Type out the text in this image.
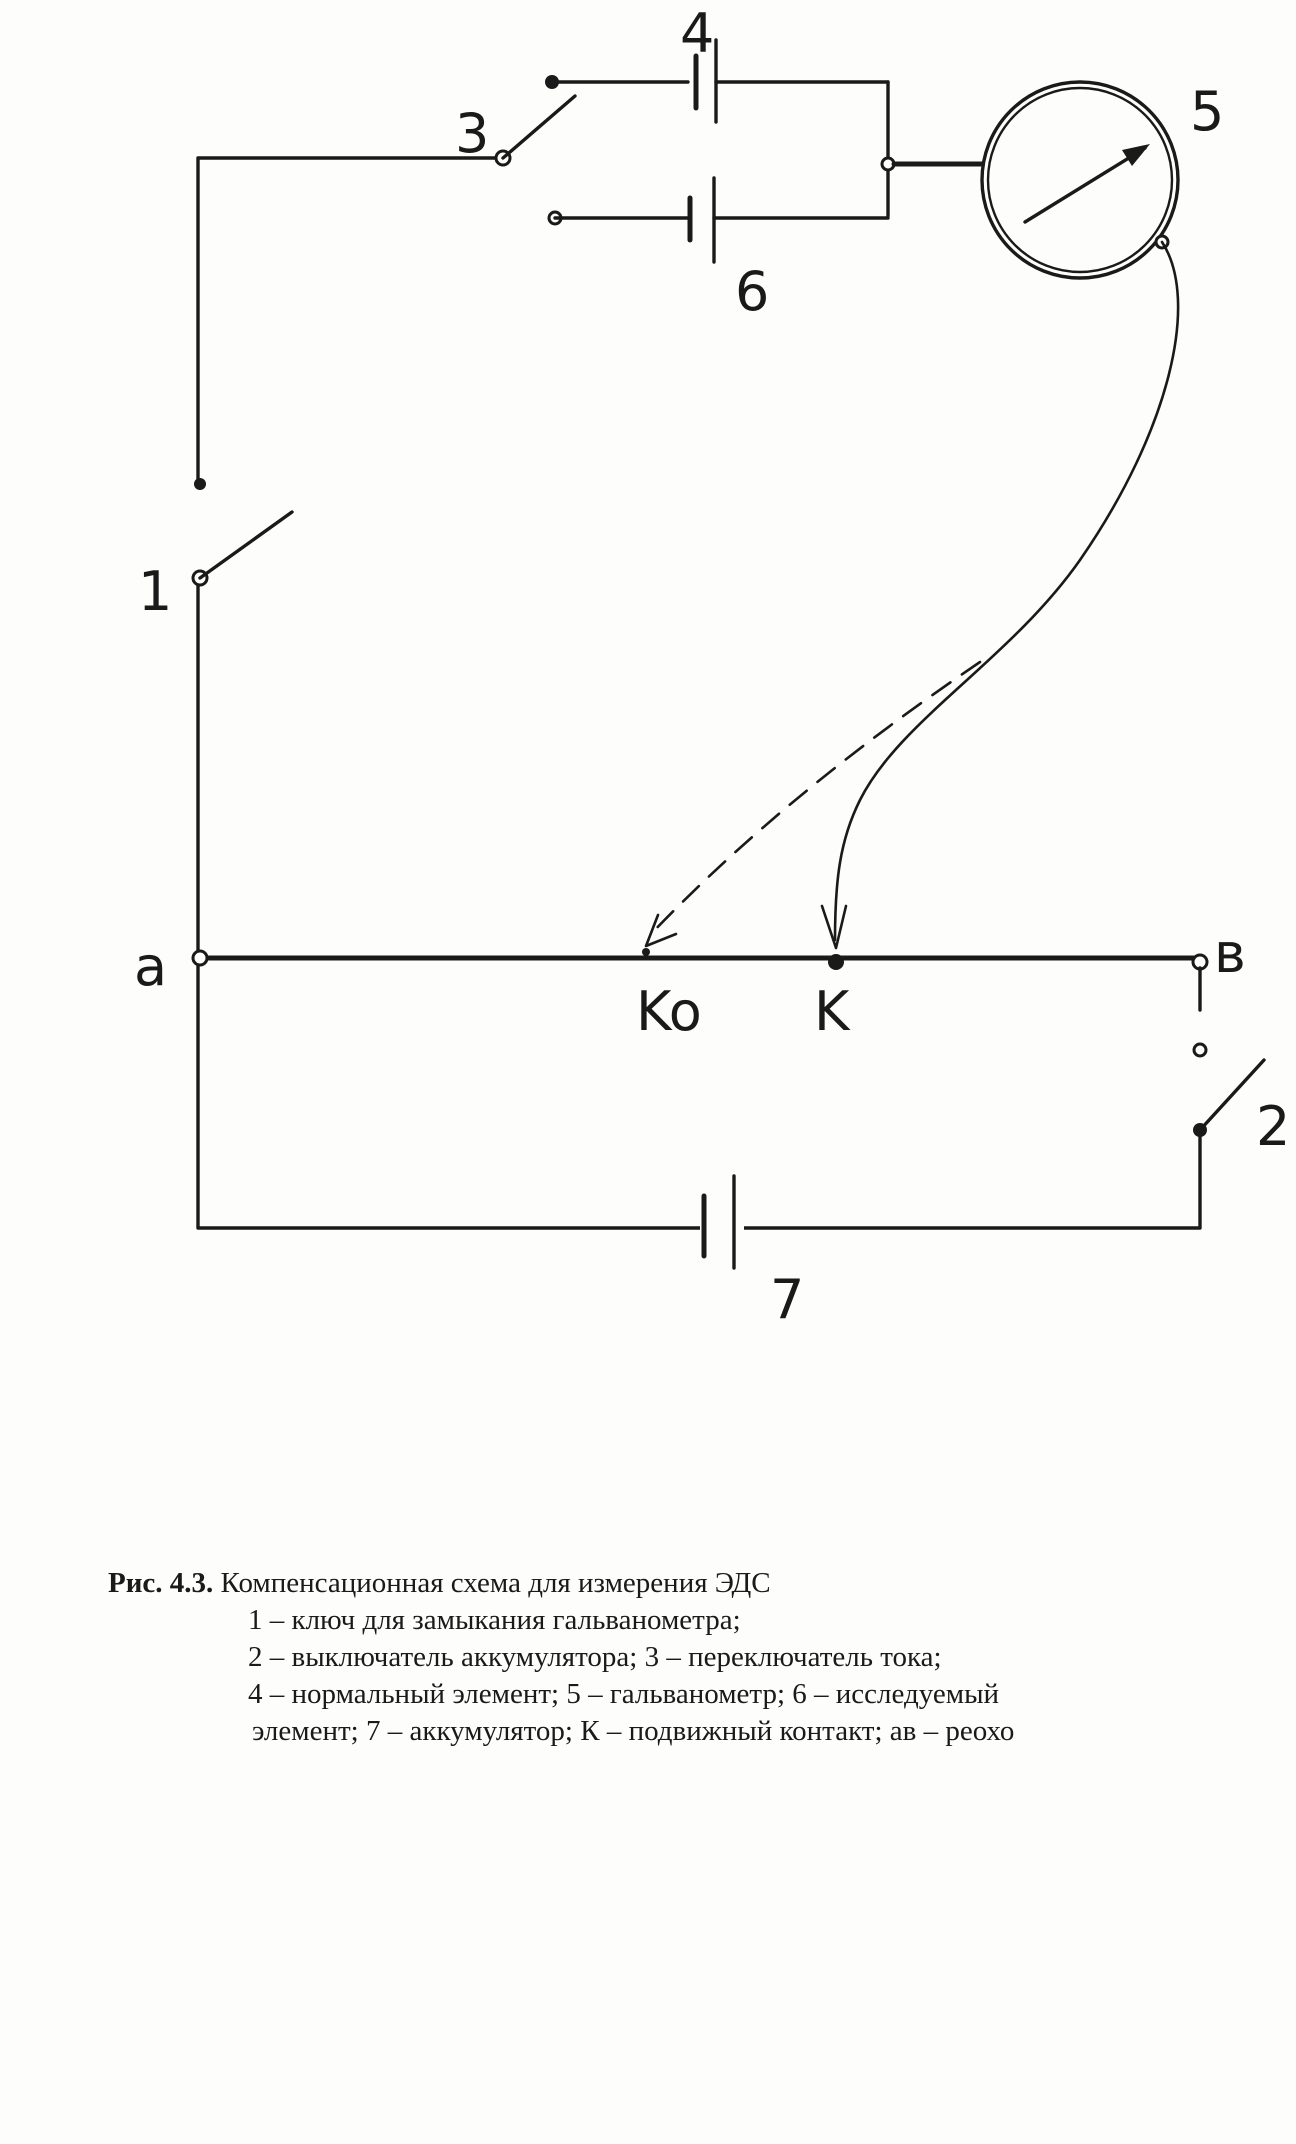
1
3
4
6
5
а	в
Ko K
2
7
Рис. 4.3. Компенсационная схема для измерения ЭДС
1 – ключ для замыкания гальванометра;
2 – выключатель аккумулятора; 3 – переключатель тока;
4 – нормальный элемент; 5 – гальванометр; 6 – исследуемый
элемент; 7 – аккумулятор; К – подвижный контакт; ав – реохо
